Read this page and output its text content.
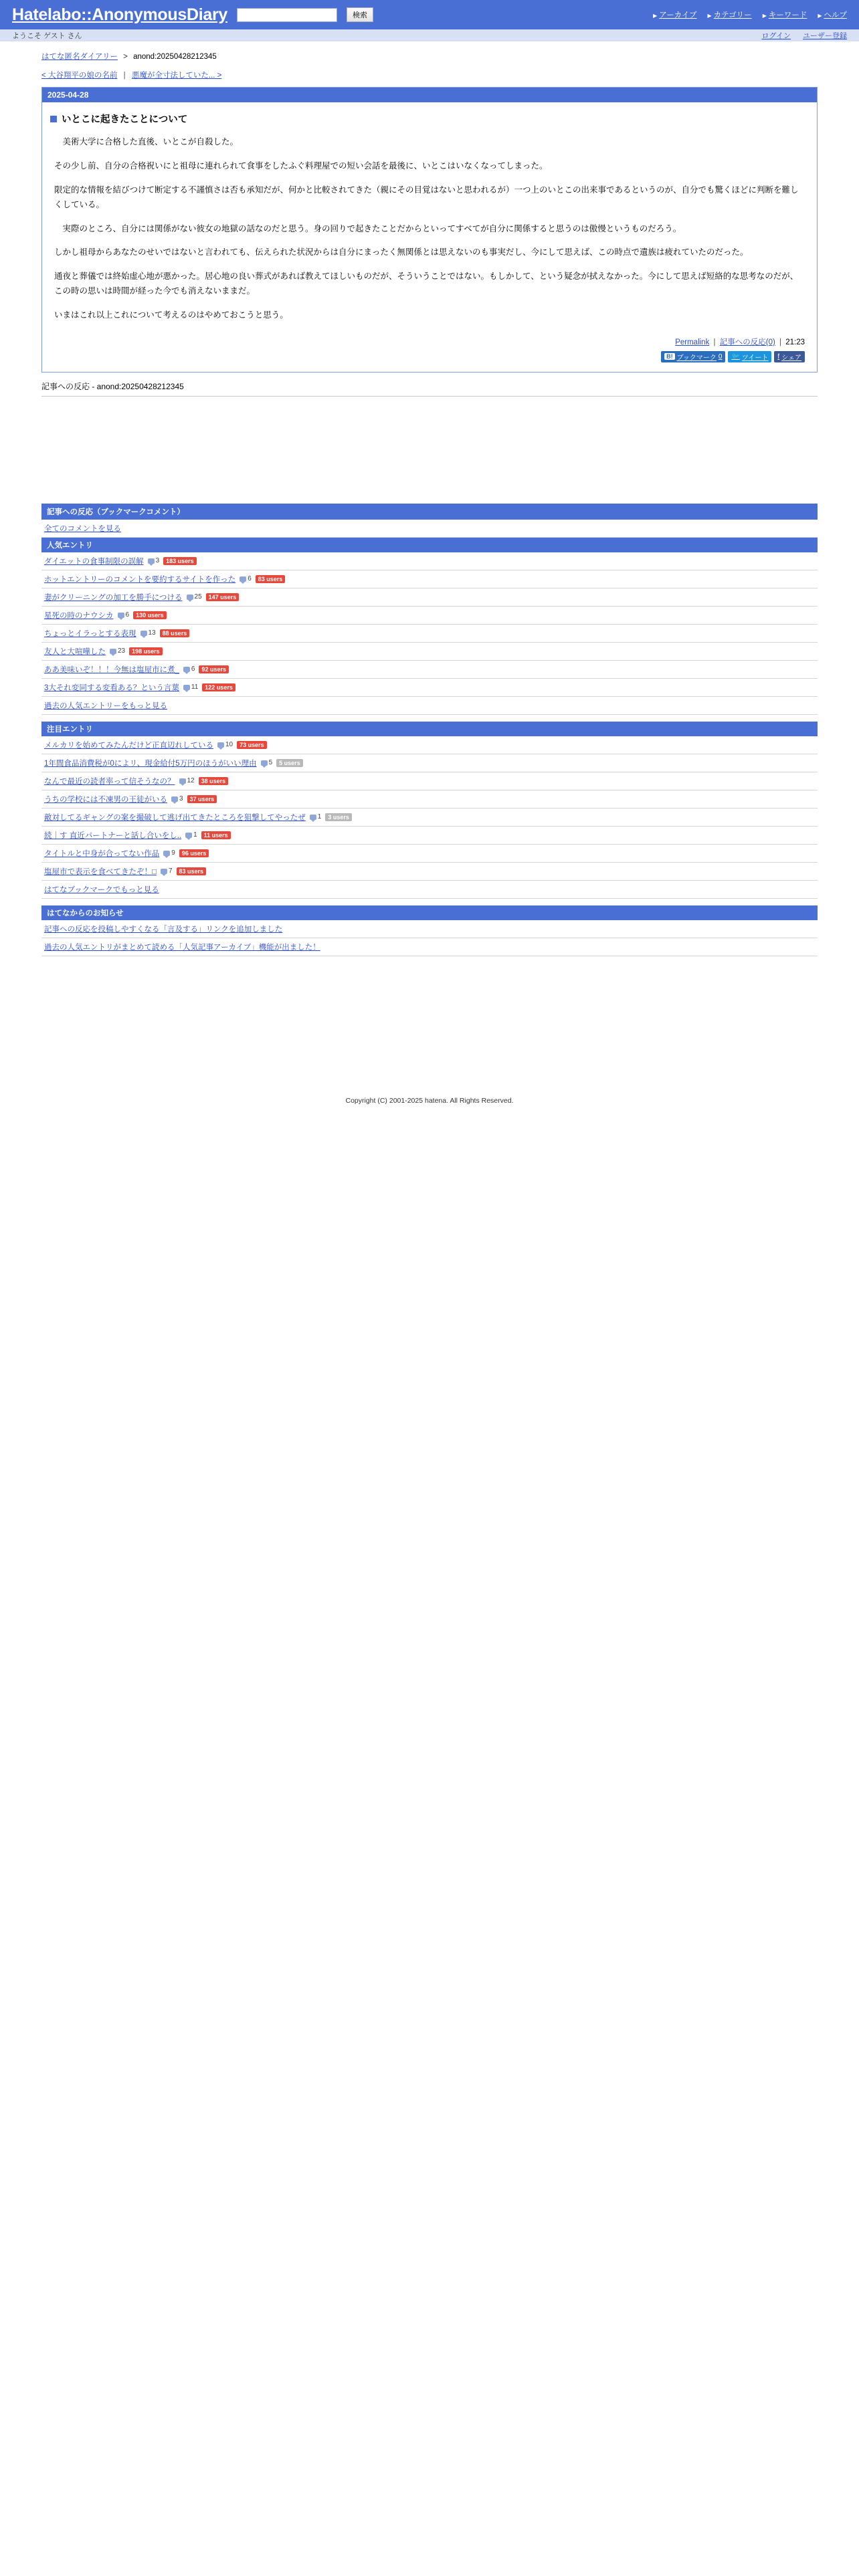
Hatelabo::AnonymousDiary	検索	▶ アーカイブ	▶ カテゴリー	▶ キーワード	▶ ヘルプ
ようこそ ゲスト さん	ログイン ユーザー登録
はてな匿名ダイアリー > anond:20250428212345
< 大谷翔平の娘の名前 | 悪魔が全寸法していた... >
2025-04-28
いとこに起きたことについて

美術大学に合格した直後、いとこが自殺した。

その少し前、自分の合格祝いにと祖母に連れられて食事をしたふぐ料理屋での短い会話を最後に、いとこはいなくなってしまった。

限定的な情報を結びつけて断定する不謹慎さは否も承知だが、何かと比較されてきた（親にその目覚はないと思われるが）一つ上のいとこの出来事であるというのが、自分でも驚くほどに判断を難しくしている。

実際のところ、自分には関係がない彼女の地獄の話なのだと思う。身の回りで起きたことだからといってすべてが自分に関係すると思うのは傲慢というものだろう。

しかし祖母からあなたのせいではないと言われても、伝えられた状況からは自分にまったく無関係とは思えないのも事実だし、今にして思えば、この時点で遺族は疲れていたのだった。

通夜と葬儀では終始虚心地が悪かった。居心地の良い葬式があれば教えてほしいものだが、そういうことではない。もしかして、という疑念が拭えなかった。今にして思えば短絡的な思考なのだが、この時の思いは時間が経った今でも消えないままだ。

いまはこれ以上これについて考えるのはやめておこうと思う。

Permalink | 記事への反応(0) | 21:23
B! ブックマーク 0 🐦 ツイート f シェア
記事への反応 - anond:20250428212345
記事への反応（ブックマークコメント）
全てのコメントを見る
人気エントリ
ダイエットの食事制限の誤解 3	183 users
ホットエントリーのコメントを要約するサイトを作った 6	83 users
妻がクリーニングの加工を勝手につける 25	147 users
星死の時のナウシカ 6	130 users
ちょっとイラっとする表現 13	88 users
友人と大喧嘩した 23	198 users
ああ美味いぞ！！！今無は塩屋市に煮_ 6	92 users
3大それ変同する変看ある？という言葉 11	122 users
過去の人気エントリーをもっと見る
注目エントリ
メルカリを始めてみたんだけど正直辺れしている 10	73 users
1年間食品消費税が0によリ、現金給付5万円のほうがいい理由 5	5 users
なんで最近の読者率って信そうなの？ 12	38 users
うちの学校には不凍男の王徒がいる 3	37 users
敵対してるギャングの案を撮破して逃げ出てきたところを狙撃してやったぜ 1	3 users
続｜す 直近パートナーと話し合いをし.. 1	11 users
タイトルと中身が合ってない作品 9	96 users
塩屋市で表示を食べてきたぞ！□ 7	83 users
はてなブックマークでもっと見る
はてなからのお知らせ
記事への反応を投稿しやすくなる「言及する」リンクを追加しました
過去の人気エントリがまとめて読める「人気記事アーカイブ」機能が出ました！
Copyright (C) 2001-2025 hatena. All Rights Reserved.
